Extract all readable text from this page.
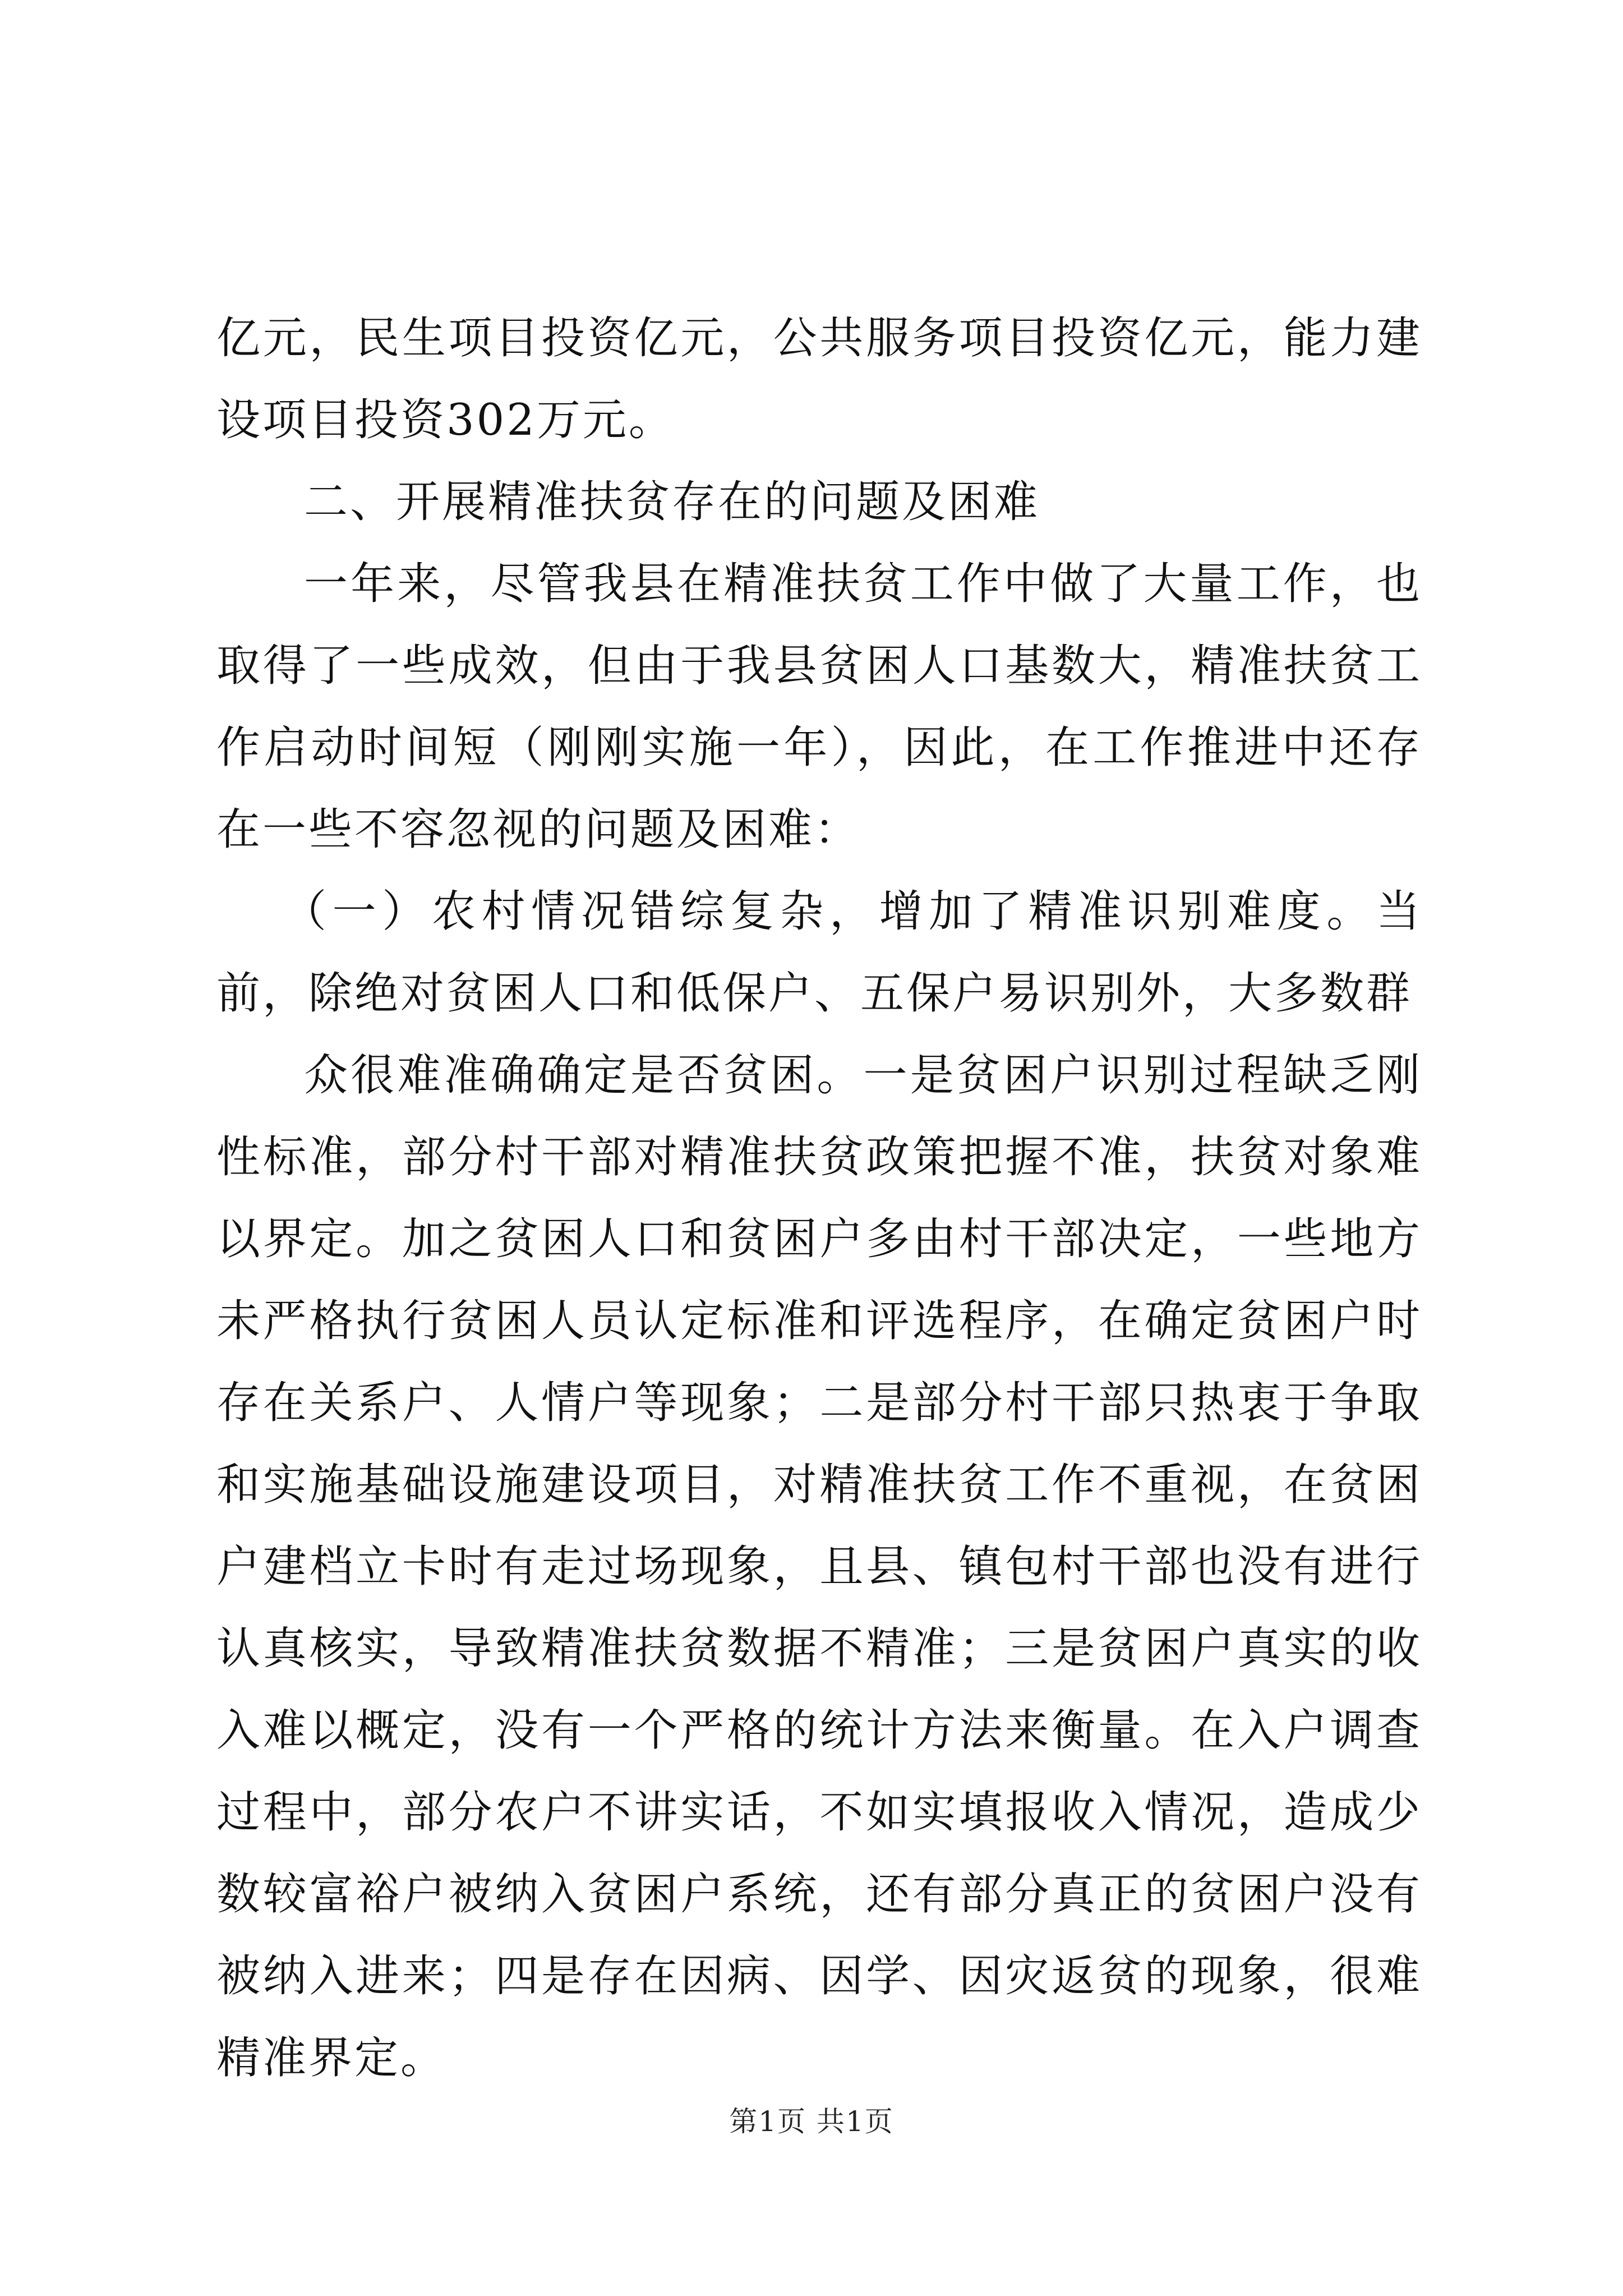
亿元，民生项目投资亿元，公共服务项目投资亿元，能力建设项目投资302万元。

二、开展精准扶贫存在的问题及困难

一年来，尽管我县在精准扶贫工作中做了大量工作，也取得了一些成效，但由于我县贫困人口基数大，精准扶贫工作启动时间短（刚刚实施一年），因此，在工作推进中还存在一些不容忽视的问题及困难：

（一）农村情况错综复杂，增加了精准识别难度。当前，除绝对贫困人口和低保户、五保户易识别外，大多数群

众很难准确确定是否贫困。一是贫困户识别过程缺乏刚性标准，部分村干部对精准扶贫政策把握不准，扶贫对象难以界定。加之贫困人口和贫困户多由村干部决定，一些地方未严格执行贫困人员认定标准和评选程序，在确定贫困户时存在关系户、人情户等现象；二是部分村干部只热衷于争取和实施基础设施建设项目，对精准扶贫工作不重视，在贫困户建档立卡时有走过场现象，且县、镇包村干部也没有进行认真核实，导致精准扶贫数据不精准；三是贫困户真实的收入难以概定，没有一个严格的统计方法来衡量。在入户调查过程中，部分农户不讲实话，不如实填报收入情况，造成少数较富裕户被纳入贫困户系统，还有部分真正的贫困户没有被纳入进来；四是存在因病、因学、因灾返贫的现象，很难精准界定。

第1页 共1页
